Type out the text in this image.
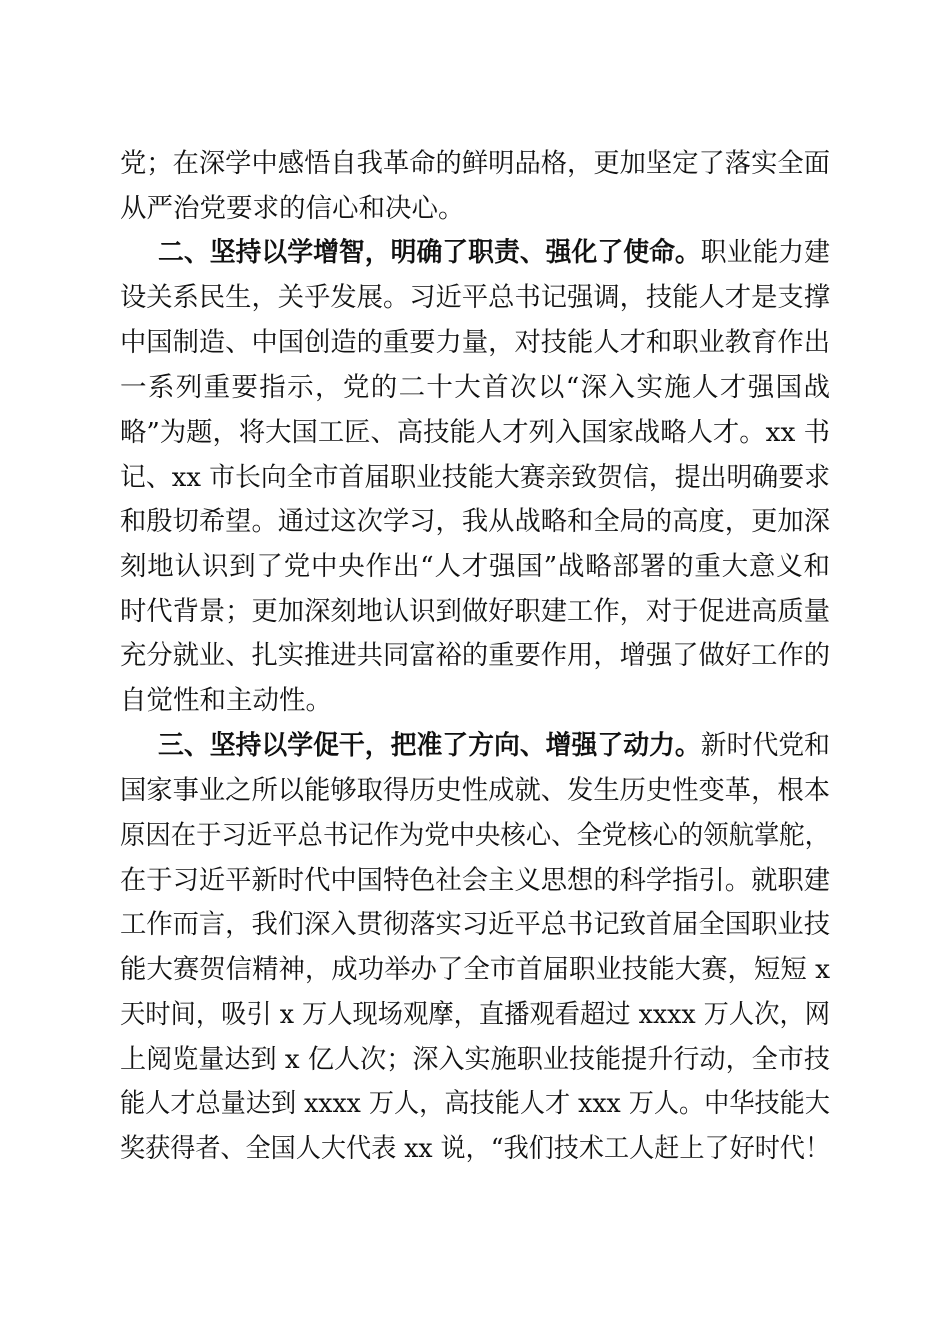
党；在深学中感悟自我革命的鲜明品格，更加坚定了落实全面
从严治党要求的信心和决心。
二、坚持以学增智，明确了职责、强化了使命。职业能力建
设关系民生，关乎发展。习近平总书记强调，技能人才是支撑
中国制造、中国创造的重要力量，对技能人才和职业教育作出
一系列重要指示，党的二十大首次以“深入实施人才强国战
略”为题，将大国工匠、高技能人才列入国家战略人才。xx 书
记、xx 市长向全市首届职业技能大赛亲致贺信，提出明确要求
和殷切希望。通过这次学习，我从战略和全局的高度，更加深
刻地认识到了党中央作出“人才强国”战略部署的重大意义和
时代背景；更加深刻地认识到做好职建工作，对于促进高质量
充分就业、扎实推进共同富裕的重要作用，增强了做好工作的
自觉性和主动性。
三、坚持以学促干，把准了方向、增强了动力。新时代党和
国家事业之所以能够取得历史性成就、发生历史性变革，根本
原因在于习近平总书记作为党中央核心、全党核心的领航掌舵，
在于习近平新时代中国特色社会主义思想的科学指引。就职建
工作而言，我们深入贯彻落实习近平总书记致首届全国职业技
能大赛贺信精神，成功举办了全市首届职业技能大赛，短短 x
天时间，吸引 x 万人现场观摩，直播观看超过 xxxx 万人次，网
上阅览量达到 x 亿人次；深入实施职业技能提升行动，全市技
能人才总量达到 xxxx 万人，高技能人才 xxx 万人。中华技能大
奖获得者、全国人大代表 xx 说，“我们技术工人赶上了好时代！
